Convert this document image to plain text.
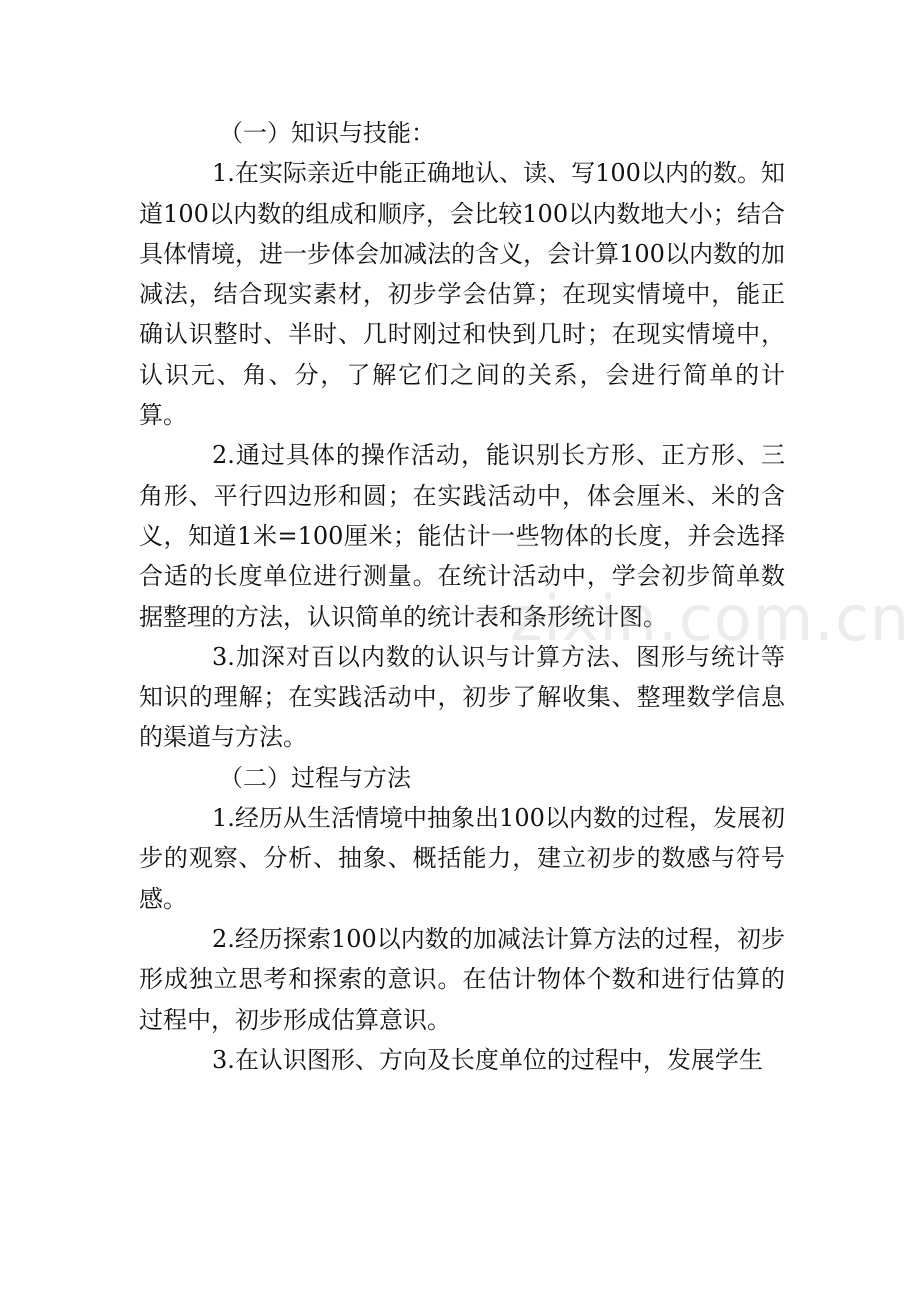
（一）知识与技能：

1.在实际亲近中能正确地认、读、写100以内的数。知道100以内数的组成和顺序，会比较100以内数地大小；结合具体情境，进一步体会加减法的含义，会计算100以内数的加减法，结合现实素材，初步学会估算；在现实情境中，能正确认识整时、半时、几时刚过和快到几时；在现实情境中，认识元、角、分，了解它们之间的关系，会进行简单的计算。

2.通过具体的操作活动，能识别长方形、正方形、三角形、平行四边形和圆；在实践活动中，体会厘米、米的含义，知道1米=100厘米；能估计一些物体的长度，并会选择合适的长度单位进行测量。在统计活动中，学会初步简单数据整理的方法，认识简单的统计表和条形统计图。

3.加深对百以内数的认识与计算方法、图形与统计等知识的理解；在实践活动中，初步了解收集、整理数学信息的渠道与方法。

（二）过程与方法

1.经历从生活情境中抽象出100以内数的过程，发展初步的观察、分析、抽象、概括能力，建立初步的数感与符号感。

2.经历探索100以内数的加减法计算方法的过程，初步形成独立思考和探索的意识。在估计物体个数和进行估算的过程中，初步形成估算意识。

3.在认识图形、方向及长度单位的过程中，发展学生

zixin.com.cn
